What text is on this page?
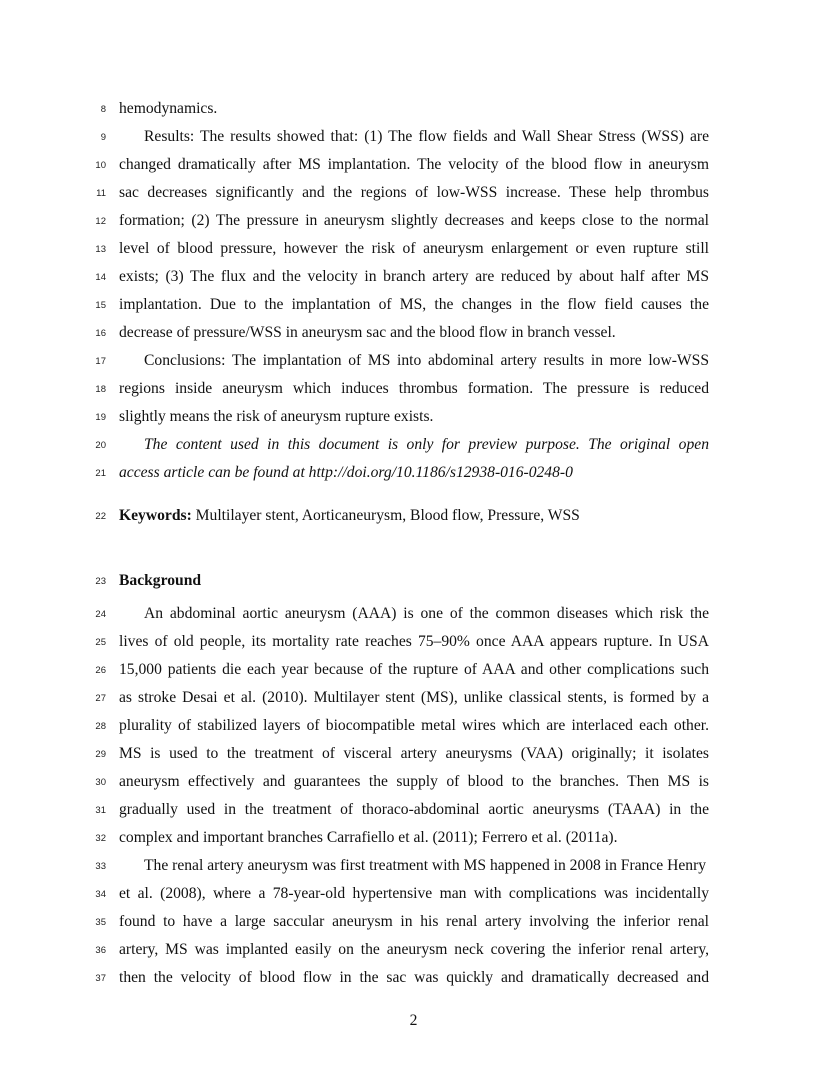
8 hemodynamics.
9 Results: The results showed that: (1) The flow fields and Wall Shear Stress (WSS) are
10 changed dramatically after MS implantation. The velocity of the blood flow in aneurysm
11 sac decreases significantly and the regions of low-WSS increase. These help thrombus
12 formation; (2) The pressure in aneurysm slightly decreases and keeps close to the normal
13 level of blood pressure, however the risk of aneurysm enlargement or even rupture still
14 exists; (3) The flux and the velocity in branch artery are reduced by about half after MS
15 implantation. Due to the implantation of MS, the changes in the flow field causes the
16 decrease of pressure/WSS in aneurysm sac and the blood flow in branch vessel.
17 Conclusions: The implantation of MS into abdominal artery results in more low-WSS
18 regions inside aneurysm which induces thrombus formation. The pressure is reduced
19 slightly means the risk of aneurysm rupture exists.
20 The content used in this document is only for preview purpose. The original open
21 access article can be found at http://doi.org/10.1186/s12938-016-0248-0
22 Keywords: Multilayer stent, Aorticaneurysm, Blood flow, Pressure, WSS
23 Background
24 An abdominal aortic aneurysm (AAA) is one of the common diseases which risk the
25 lives of old people, its mortality rate reaches 75–90% once AAA appears rupture. In USA
26 15,000 patients die each year because of the rupture of AAA and other complications such
27 as stroke Desai et al. (2010). Multilayer stent (MS), unlike classical stents, is formed by a
28 plurality of stabilized layers of biocompatible metal wires which are interlaced each other.
29 MS is used to the treatment of visceral artery aneurysms (VAA) originally; it isolates
30 aneurysm effectively and guarantees the supply of blood to the branches. Then MS is
31 gradually used in the treatment of thoraco-abdominal aortic aneurysms (TAAA) in the
32 complex and important branches Carrafiello et al. (2011); Ferrero et al. (2011a).
33 The renal artery aneurysm was first treatment with MS happened in 2008 in France Henry
34 et al. (2008), where a 78-year-old hypertensive man with complications was incidentally
35 found to have a large saccular aneurysm in his renal artery involving the inferior renal
36 artery, MS was implanted easily on the aneurysm neck covering the inferior renal artery,
37 then the velocity of blood flow in the sac was quickly and dramatically decreased and
2
